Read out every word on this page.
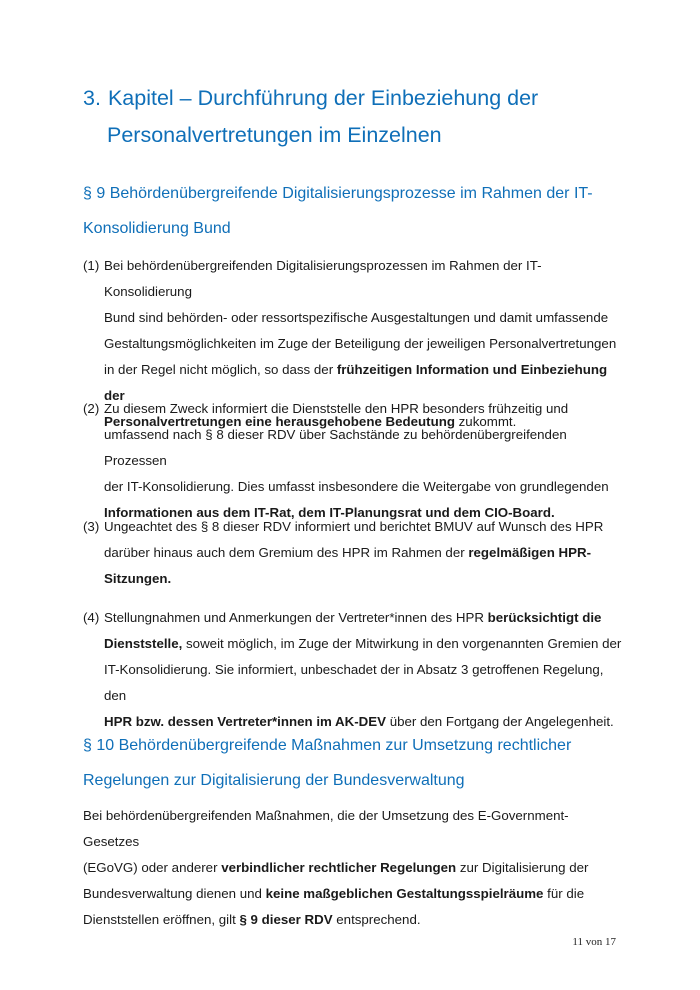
3. Kapitel – Durchführung der Einbeziehung der
Personalvertretungen im Einzelnen
§ 9 Behördenübergreifende Digitalisierungsprozesse im Rahmen der IT-
Konsolidierung Bund
(1) Bei behördenübergreifenden Digitalisierungsprozessen im Rahmen der IT-Konsolidierung
Bund sind behörden- oder ressortspezifische Ausgestaltungen und damit umfassende
Gestaltungsmöglichkeiten im Zuge der Beteiligung der jeweiligen Personalvertretungen
in der Regel nicht möglich, so dass der frühzeitigen Information und Einbeziehung der
Personalvertretungen eine herausgehobene Bedeutung zukommt.
(2) Zu diesem Zweck informiert die Dienststelle den HPR besonders frühzeitig und
umfassend nach § 8 dieser RDV über Sachstände zu behördenübergreifenden Prozessen
der IT-Konsolidierung. Dies umfasst insbesondere die Weitergabe von grundlegenden
Informationen aus dem IT-Rat, dem IT-Planungsrat und dem CIO-Board.
(3) Ungeachtet des § 8 dieser RDV informiert und berichtet BMUV auf Wunsch des HPR
darüber hinaus auch dem Gremium des HPR im Rahmen der regelmäßigen HPR-
Sitzungen.
(4) Stellungnahmen und Anmerkungen der Vertreter*innen des HPR berücksichtigt die
Dienststelle, soweit möglich, im Zuge der Mitwirkung in den vorgenannten Gremien der
IT-Konsolidierung. Sie informiert, unbeschadet der in Absatz 3 getroffenen Regelung, den
HPR bzw. dessen Vertreter*innen im AK-DEV über den Fortgang der Angelegenheit.
§ 10 Behördenübergreifende Maßnahmen zur Umsetzung rechtlicher
Regelungen zur Digitalisierung der Bundesverwaltung
Bei behördenübergreifenden Maßnahmen, die der Umsetzung des E-Government-Gesetzes
(EGoVG) oder anderer verbindlicher rechtlicher Regelungen zur Digitalisierung der
Bundesverwaltung dienen und keine maßgeblichen Gestaltungsspielräume für die
Dienststellen eröffnen, gilt § 9 dieser RDV entsprechend.
11 von 17
